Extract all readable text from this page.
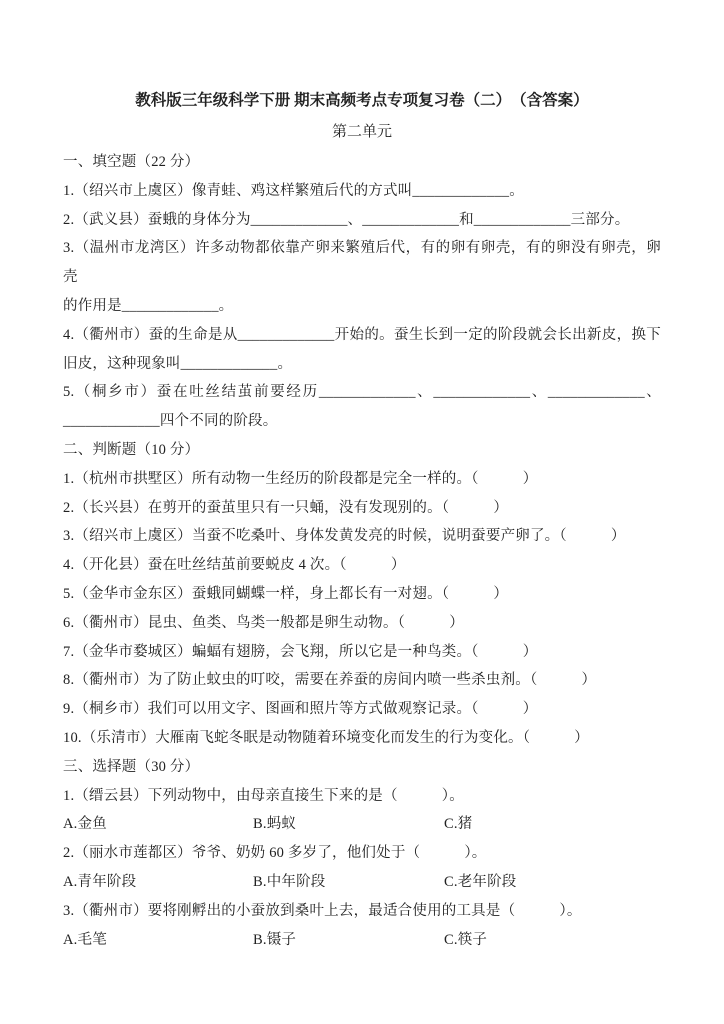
教科版三年级科学下册 期末高频考点专项复习卷（二）　（含答案）
第二单元
一、填空题（22 分）
1.（绍兴市上虞区）像青蛙、鸡这样繁殖后代的方式叫_____________。
2.（武义县）蚕蛾的身体分为_____________、_____________和_____________三部分。
3.（温州市龙湾区）许多动物都依靠产卵来繁殖后代，有的卵有卵壳，有的卵没有卵壳，卵壳
的作用是_____________。
4.（衢州市）蚕的生命是从_____________开始的。蚕生长到一定的阶段就会长出新皮，换下
旧皮，这种现象叫_____________。
5.（桐乡市）蚕在吐丝结茧前要经历_____________、_____________、_____________、
_____________四个不同的阶段。
二、判断题（10 分）
1.（杭州市拱墅区）所有动物一生经历的阶段都是完全一样的。（　　　）
2.（长兴县）在剪开的蚕茧里只有一只蛹，没有发现别的。（　　　）
3.（绍兴市上虞区）当蚕不吃桑叶、身体发黄发亮的时候，说明蚕要产卵了。（　　　）
4.（开化县）蚕在吐丝结茧前要蜕皮 4 次。（　　　）
5.（金华市金东区）蚕蛾同蝴蝶一样，身上都长有一对翅。（　　　）
6.（衢州市）昆虫、鱼类、鸟类一般都是卵生动物。（　　　）
7.（金华市婺城区）蝙蝠有翅膀，会飞翔，所以它是一种鸟类。（　　　）
8.（衢州市）为了防止蚊虫的叮咬，需要在养蚕的房间内喷一些杀虫剂。（　　　）
9.（桐乡市）我们可以用文字、图画和照片等方式做观察记录。（　　　）
10.（乐清市）大雁南飞蛇冬眠是动物随着环境变化而发生的行为变化。（　　　）
三、选择题（30 分）
1.（缙云县）下列动物中，由母亲直接生下来的是（　　　）。
A.金鱼	B.蚂蚁	C.猪
2.（丽水市莲都区）爷爷、奶奶 60 多岁了，他们处于（　　　）。
A.青年阶段	B.中年阶段	C.老年阶段
3.（衢州市）要将刚孵出的小蚕放到桑叶上去，最适合使用的工具是（　　　）。
A.毛笔	B.镊子	C.筷子
